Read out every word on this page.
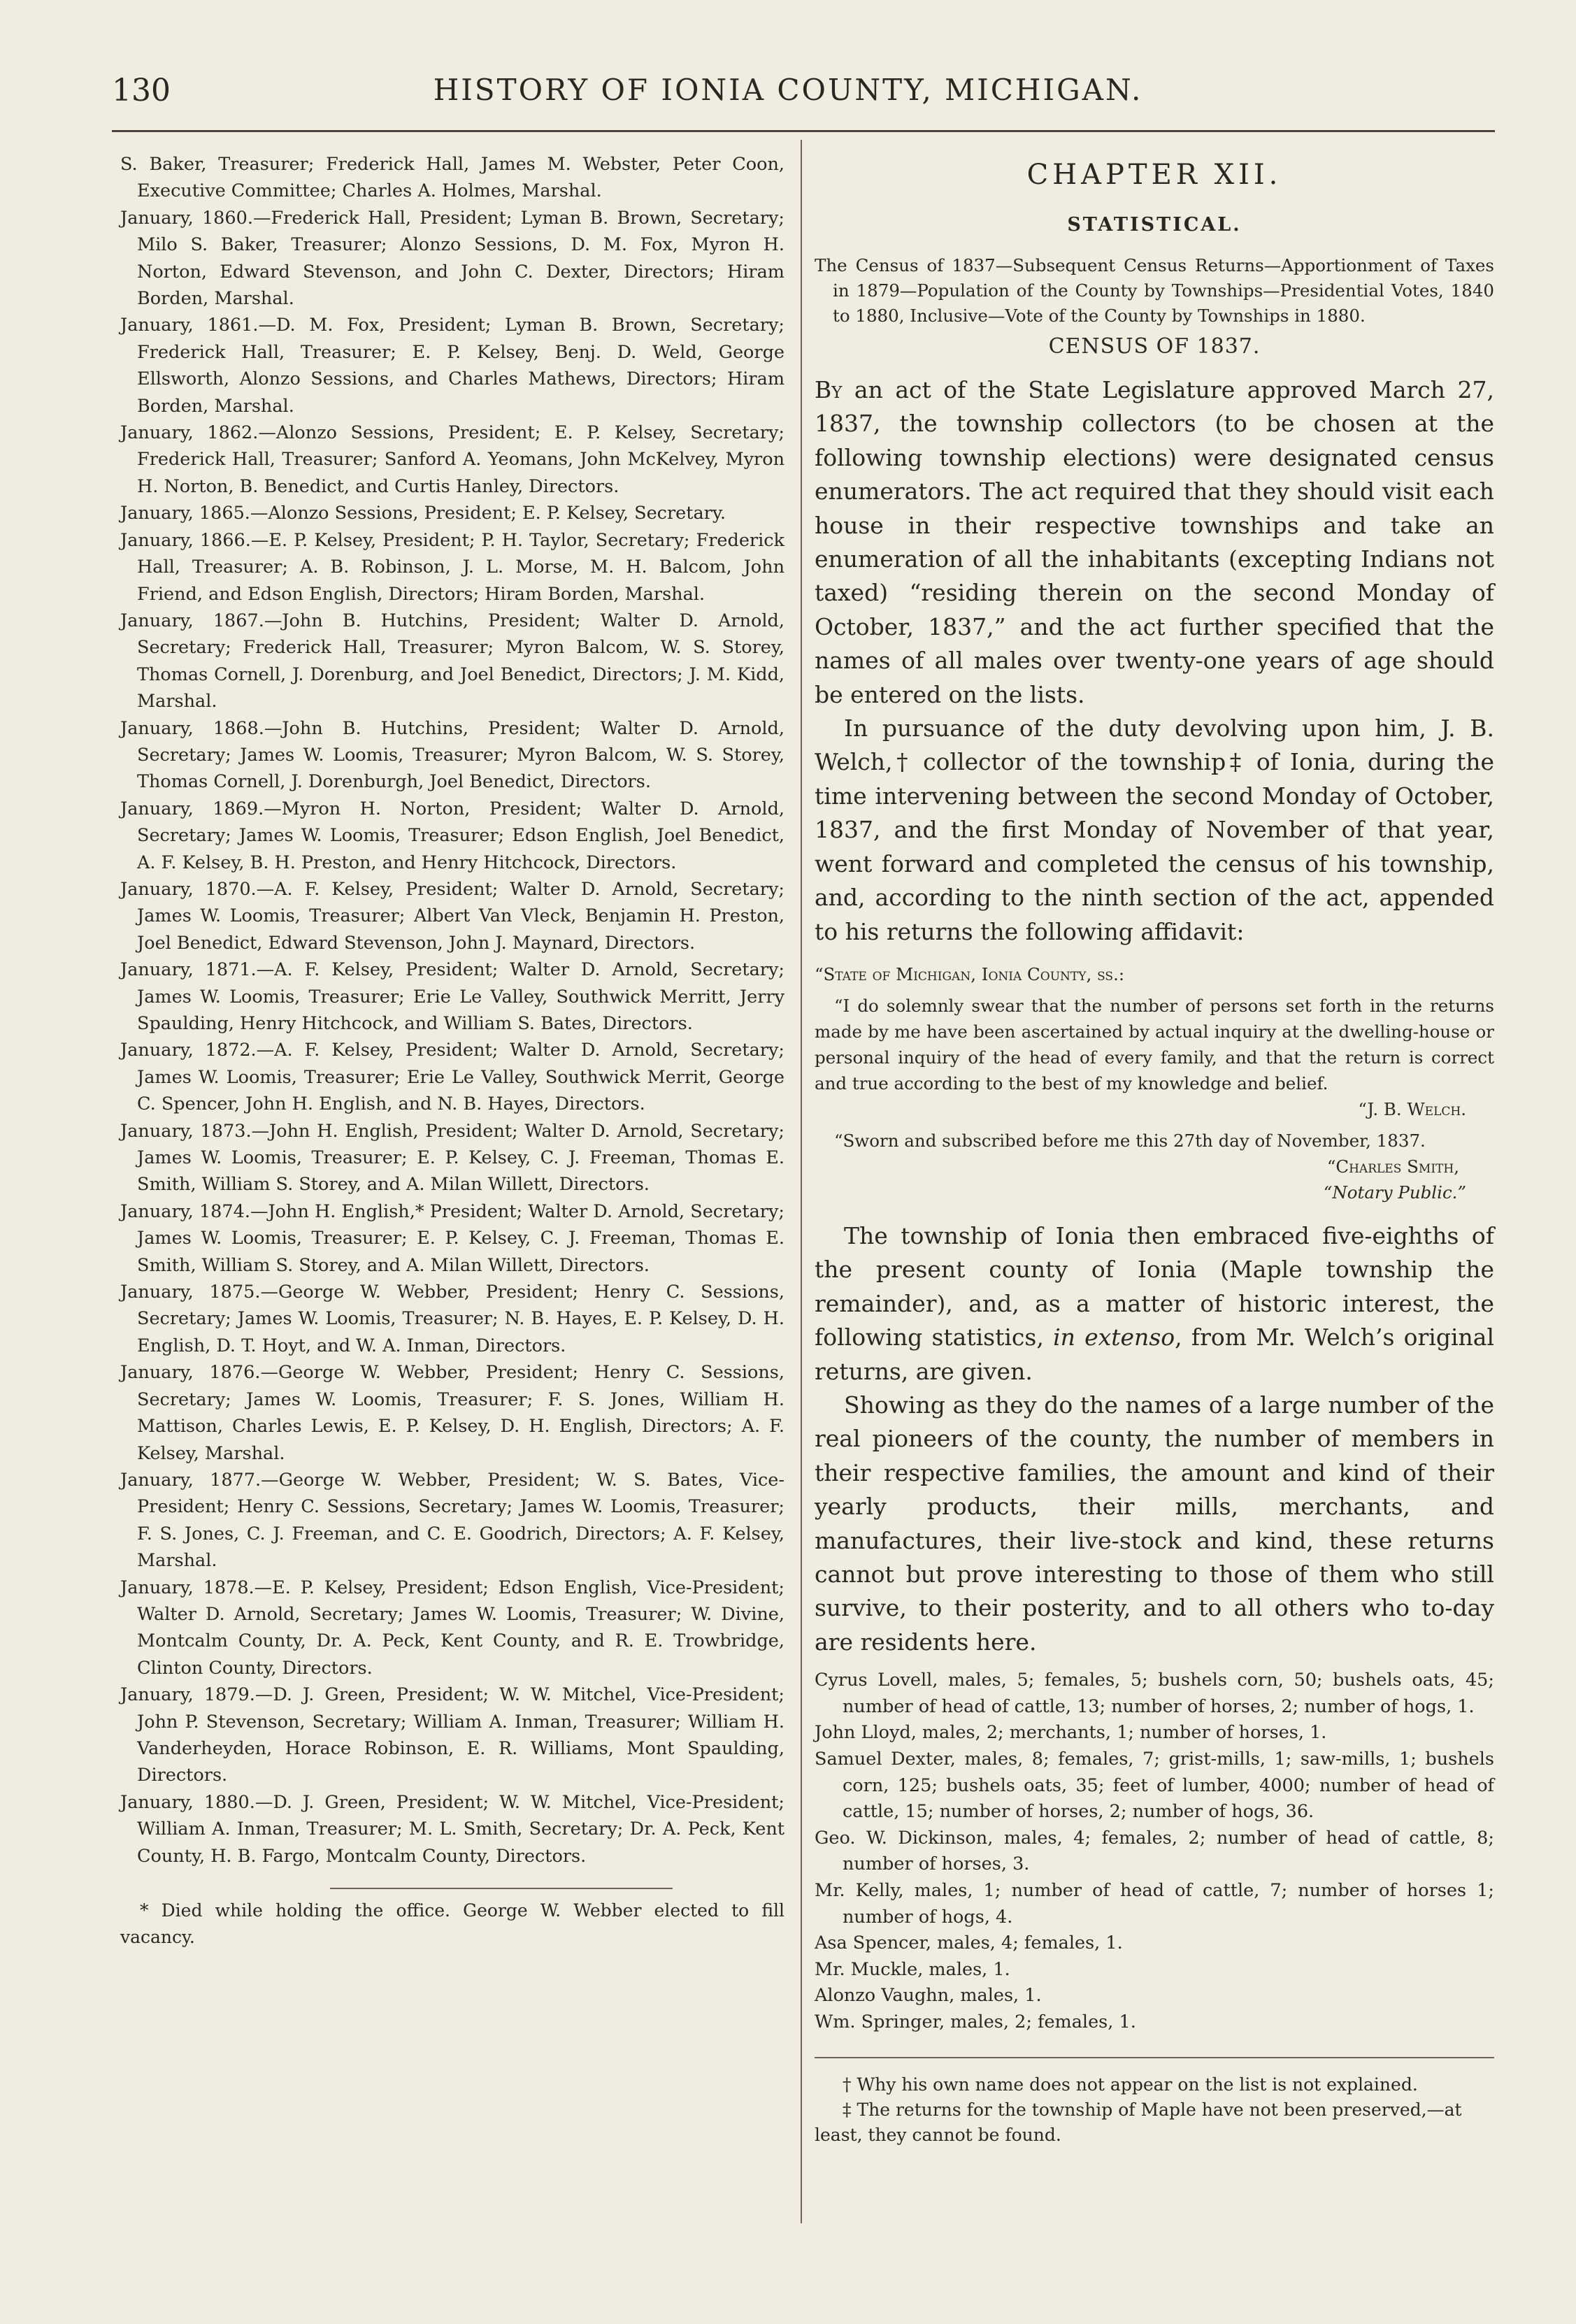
130	HISTORY OF IONIA COUNTY, MICHIGAN.
S. Baker, Treasurer; Frederick Hall, James M. Webster, Peter Coon, Executive Committee; Charles A. Holmes, Marshal.
January, 1860.—Frederick Hall, President; Lyman B. Brown, Secretary; Milo S. Baker, Treasurer; Alonzo Sessions, D. M. Fox, Myron H. Norton, Edward Stevenson, and John C. Dexter, Directors; Hiram Borden, Marshal.
January, 1861.—D. M. Fox, President; Lyman B. Brown, Secretary; Frederick Hall, Treasurer; E. P. Kelsey, Benj. D. Weld, George Ellsworth, Alonzo Sessions, and Charles Mathews, Directors; Hiram Borden, Marshal.
January, 1862.—Alonzo Sessions, President; E. P. Kelsey, Secretary; Frederick Hall, Treasurer; Sanford A. Yeomans, John McKelvey, Myron H. Norton, B. Benedict, and Curtis Hanley, Directors.
January, 1865.—Alonzo Sessions, President; E. P. Kelsey, Secretary.
January, 1866.—E. P. Kelsey, President; P. H. Taylor, Secretary; Frederick Hall, Treasurer; A. B. Robinson, J. L. Morse, M. H. Balcom, John Friend, and Edson English, Directors; Hiram Borden, Marshal.
January, 1867.—John B. Hutchins, President; Walter D. Arnold, Secretary; Frederick Hall, Treasurer; Myron Balcom, W. S. Storey, Thomas Cornell, J. Dorenburg, and Joel Benedict, Directors; J. M. Kidd, Marshal.
January, 1868.—John B. Hutchins, President; Walter D. Arnold, Secretary; James W. Loomis, Treasurer; Myron Balcom, W. S. Storey, Thomas Cornell, J. Dorenburgh, Joel Benedict, Directors.
January, 1869.—Myron H. Norton, President; Walter D. Arnold, Secretary; James W. Loomis, Treasurer; Edson English, Joel Benedict, A. F. Kelsey, B. H. Preston, and Henry Hitchcock, Directors.
January, 1870.—A. F. Kelsey, President; Walter D. Arnold, Secretary; James W. Loomis, Treasurer; Albert Van Vleck, Benjamin H. Preston, Joel Benedict, Edward Stevenson, John J. Maynard, Directors.
January, 1871.—A. F. Kelsey, President; Walter D. Arnold, Secretary; James W. Loomis, Treasurer; Erie Le Valley, Southwick Merritt, Jerry Spaulding, Henry Hitchcock, and William S. Bates, Directors.
January, 1872.—A. F. Kelsey, President; Walter D. Arnold, Secretary; James W. Loomis, Treasurer; Erie Le Valley, Southwick Merrit, George C. Spencer, John H. English, and N. B. Hayes, Directors.
January, 1873.—John H. English, President; Walter D. Arnold, Secretary; James W. Loomis, Treasurer; E. P. Kelsey, C. J. Freeman, Thomas E. Smith, William S. Storey, and A. Milan Willett, Directors.
January, 1874.—John H. English,* President; Walter D. Arnold, Secretary; James W. Loomis, Treasurer; E. P. Kelsey, C. J. Freeman, Thomas E. Smith, William S. Storey, and A. Milan Willett, Directors.
January, 1875.—George W. Webber, President; Henry C. Sessions, Secretary; James W. Loomis, Treasurer; N. B. Hayes, E. P. Kelsey, D. H. English, D. T. Hoyt, and W. A. Inman, Directors.
January, 1876.—George W. Webber, President; Henry C. Sessions, Secretary; James W. Loomis, Treasurer; F. S. Jones, William H. Mattison, Charles Lewis, E. P. Kelsey, D. H. English, Directors; A. F. Kelsey, Marshal.
January, 1877.—George W. Webber, President; W. S. Bates, Vice-President; Henry C. Sessions, Secretary; James W. Loomis, Treasurer; F. S. Jones, C. J. Freeman, and C. E. Goodrich, Directors; A. F. Kelsey, Marshal.
January, 1878.—E. P. Kelsey, President; Edson English, Vice-President; Walter D. Arnold, Secretary; James W. Loomis, Treasurer; W. Divine, Montcalm County, Dr. A. Peck, Kent County, and R. E. Trowbridge, Clinton County, Directors.
January, 1879.—D. J. Green, President; W. W. Mitchel, Vice-President; John P. Stevenson, Secretary; William A. Inman, Treasurer; William H. Vanderheyden, Horace Robinson, E. R. Williams, Mont Spaulding, Directors.
January, 1880.—D. J. Green, President; W. W. Mitchel, Vice-President; William A. Inman, Treasurer; M. L. Smith, Secretary; Dr. A. Peck, Kent County, H. B. Fargo, Montcalm County, Directors.
* Died while holding the office. George W. Webber elected to fill vacancy.
CHAPTER XII.
STATISTICAL.
The Census of 1837—Subsequent Census Returns—Apportionment of Taxes in 1879—Population of the County by Townships—Presidential Votes, 1840 to 1880, Inclusive—Vote of the County by Townships in 1880.
CENSUS OF 1837.

By an act of the State Legislature approved March 27, 1837, the township collectors (to be chosen at the following township elections) were designated census enumerators. The act required that they should visit each house in their respective townships and take an enumeration of all the inhabitants (excepting Indians not taxed) “residing therein on the second Monday of October, 1837,” and the act further specified that the names of all males over twenty-one years of age should be entered on the lists.

In pursuance of the duty devolving upon him, J. B. Welch,† collector of the township‡ of Ionia, during the time intervening between the second Monday of October, 1837, and the first Monday of November of that year, went forward and completed the census of his township, and, according to the ninth section of the act, appended to his returns the following affidavit:

“State of Michigan, Ionia County, ss.:
“I do solemnly swear that the number of persons set forth in the returns made by me have been ascertained by actual inquiry at the dwelling-house or personal inquiry of the head of every family, and that the return is correct and true according to the best of my knowledge and belief.
“J. B. Welch.
“Sworn and subscribed before me this 27th day of November, 1837.
“Charles Smith,
“Notary Public.”

The township of Ionia then embraced five-eighths of the present county of Ionia (Maple township the remainder), and, as a matter of historic interest, the following statistics, in extenso, from Mr. Welch’s original returns, are given.

Showing as they do the names of a large number of the real pioneers of the county, the number of members in their respective families, the amount and kind of their yearly products, their mills, merchants, and manufactures, their live-stock and kind, these returns cannot but prove interesting to those of them who still survive, to their posterity, and to all others who to-day are residents here.

Cyrus Lovell, males, 5; females, 5; bushels corn, 50; bushels oats, 45; number of head of cattle, 13; number of horses, 2; number of hogs, 1.
John Lloyd, males, 2; merchants, 1; number of horses, 1.
Samuel Dexter, males, 8; females, 7; grist-mills, 1; saw-mills, 1; bushels corn, 125; bushels oats, 35; feet of lumber, 4000; number of head of cattle, 15; number of horses, 2; number of hogs, 36.
Geo. W. Dickinson, males, 4; females, 2; number of head of cattle, 8; number of horses, 3.
Mr. Kelly, males, 1; number of head of cattle, 7; number of horses 1; number of hogs, 4.
Asa Spencer, males, 4; females, 1.
Mr. Muckle, males, 1.
Alonzo Vaughn, males, 1.
Wm. Springer, males, 2; females, 1.
† Why his own name does not appear on the list is not explained.
‡ The returns for the township of Maple have not been preserved,—at least, they cannot be found.
